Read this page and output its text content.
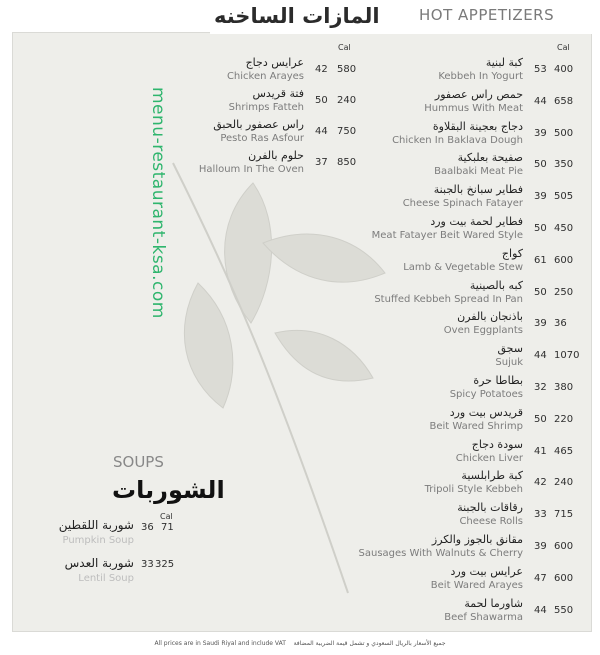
المازات الساخنه	HOT APPETIZERS
Cal	Cal
عرايس دجاج
Chicken Arayes
42 580
فتة قريدس
Shrimps Fatteh
50 240
راس عصفور بالحبق
Pesto Ras Asfour
44 750
حلوم بالفرن
Halloum In The Oven
37 850
كبة لبنية
Kebbeh In Yogurt
53 400
حمص راس عصفور
Hummus With Meat
44 658
دجاج بعجينة البقلاوة
Chicken In Baklava Dough
39 500
صفيحة بعلبكية
Baalbaki Meat Pie
50 350
فطاير سبانخ بالجبنة
Cheese Spinach Fatayer
39 505
فطاير لحمة بيت ورد
Meat Fatayer Beit Wared Style
50 450
كواج
Lamb & Vegetable Stew
61 600
كبه بالصينية
Stuffed Kebbeh Spread In Pan
50 250
باذنجان بالفرن
Oven Eggplants
39 36
سجق
Sujuk
44 1070
بطاطا حرة
Spicy Potatoes
32 380
قريدس بيت ورد
Beit Wared Shrimp
50 220
سودة دجاج
Chicken Liver
41 465
كبة طرابلسية
Tripoli Style Kebbeh
42 240
رقاقات بالجبنة
Cheese Rolls
33 715
مقانق بالجوز والكرز
Sausages With Walnuts & Cherry
39 600
عرايس بيت ورد
Beit Wared Arayes
47 600
شاورما لحمة
Beef Shawarma
44 550
menu-restaurant-ksa.com
SOUPS
الشوربات
Cal
شوربة اللقطين
Pumpkin Soup
36 71
شوربة العدس
Lentil Soup
33 325
All prices are in Saudi Riyal and include VAT جميع الأسعار بالريال السعودي و تشمل قيمة الضريبة المضافة
